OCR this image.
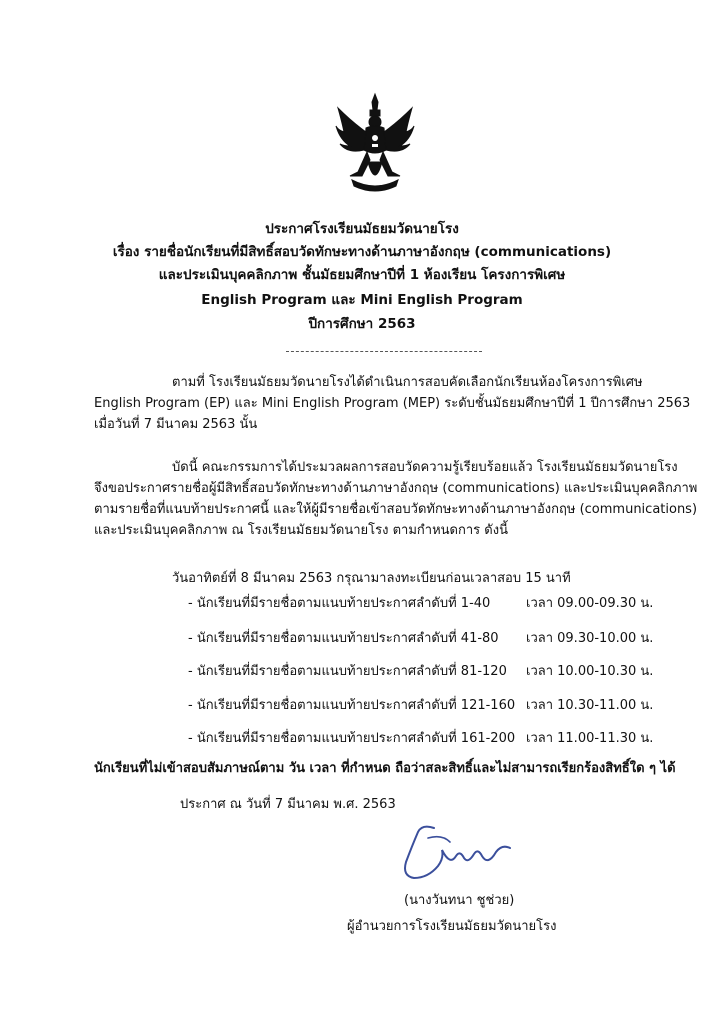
ประกาศโรงเรียนมัธยมวัดนายโรง
เรื่อง รายชื่อนักเรียนที่มีสิทธิ์สอบวัดทักษะทางด้านภาษาอังกฤษ (communications)
และประเมินบุคคลิกภาพ ชั้นมัธยมศึกษาปีที่ 1 ห้องเรียน โครงการพิเศษ
English Program และ Mini English Program
ปีการศึกษา 2563
ตามที่ โรงเรียนมัธยมวัดนายโรงได้ดำเนินการสอบคัดเลือกนักเรียนห้องโครงการพิเศษ
English Program (EP) และ Mini English Program (MEP) ระดับชั้นมัธยมศึกษาปีที่ 1 ปีการศึกษา 2563
เมื่อวันที่ 7 มีนาคม 2563 นั้น
บัดนี้ คณะกรรมการได้ประมวลผลการสอบวัดความรู้เรียบร้อยแล้ว โรงเรียนมัธยมวัดนายโรง
จึงขอประกาศรายชื่อผู้มีสิทธิ์สอบวัดทักษะทางด้านภาษาอังกฤษ (communications) และประเมินบุคคลิกภาพ
ตามรายชื่อที่แนบท้ายประกาศนี้ และให้ผู้มีรายชื่อเข้าสอบวัดทักษะทางด้านภาษาอังกฤษ (communications)
และประเมินบุคคลิกภาพ ณ โรงเรียนมัธยมวัดนายโรง ตามกำหนดการ ดังนี้
วันอาทิตย์ที่ 8 มีนาคม 2563 กรุณามาลงทะเบียนก่อนเวลาสอบ 15 นาที
- นักเรียนที่มีรายชื่อตามแนบท้ายประกาศลำดับที่ 1-40	เวลา 09.00-09.30 น.
- นักเรียนที่มีรายชื่อตามแนบท้ายประกาศลำดับที่ 41-80 เวลา 09.30-10.00 น.
- นักเรียนที่มีรายชื่อตามแนบท้ายประกาศลำดับที่ 81-120 เวลา 10.00-10.30 น.
- นักเรียนที่มีรายชื่อตามแนบท้ายประกาศลำดับที่ 121-160 เวลา 10.30-11.00 น.
- นักเรียนที่มีรายชื่อตามแนบท้ายประกาศลำดับที่ 161-200 เวลา 11.00-11.30 น.
นักเรียนที่ไม่เข้าสอบสัมภาษณ์ตาม วัน เวลา ที่กำหนด ถือว่าสละสิทธิ์และไม่สามารถเรียกร้องสิทธิ์ใด ๆ ได้
ประกาศ ณ วันที่ 7 มีนาคม พ.ศ. 2563
(นางวันทนา ชูช่วย)
ผู้อำนวยการโรงเรียนมัธยมวัดนายโรง
